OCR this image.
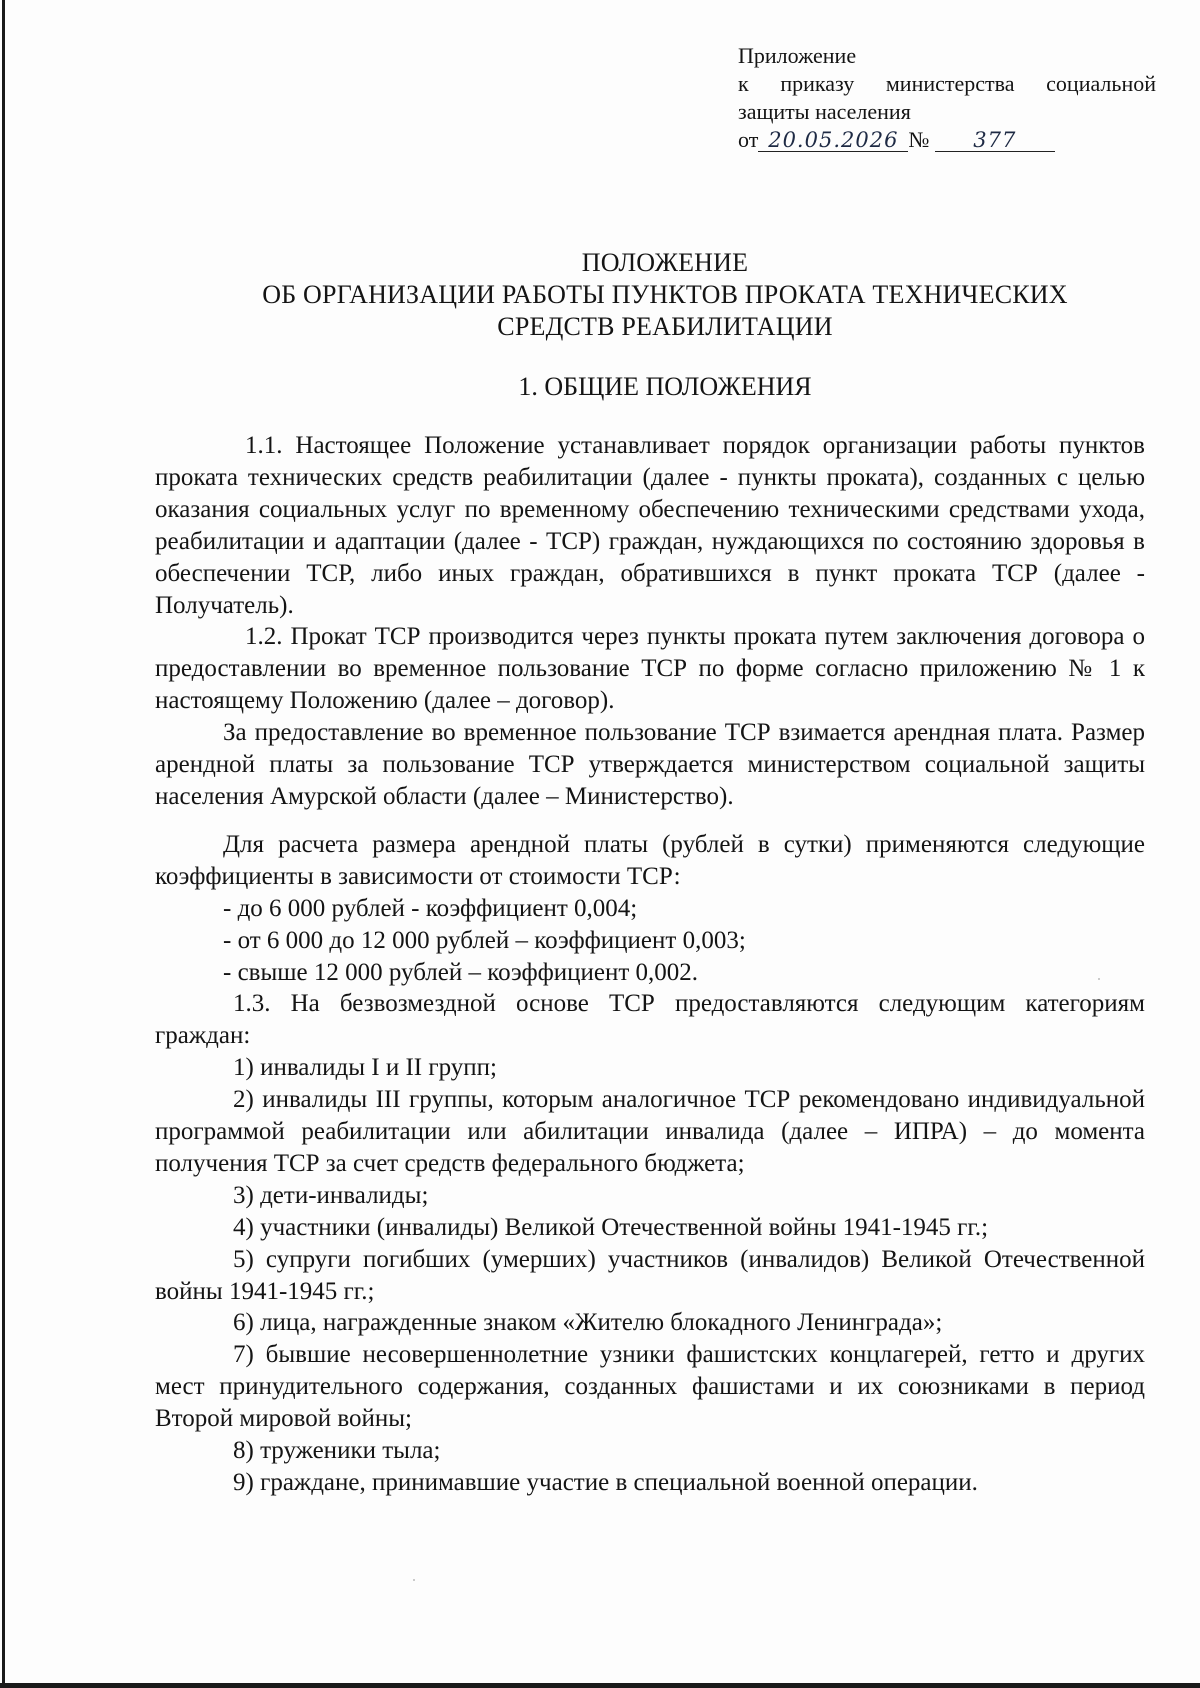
Приложение
к приказу министерства социальной
защиты населения
от 20.05.2026 № 377
ПОЛОЖЕНИЕ
ОБ ОРГАНИЗАЦИИ РАБОТЫ ПУНКТОВ ПРОКАТА ТЕХНИЧЕСКИХ
СРЕДСТВ РЕАБИЛИТАЦИИ
1. ОБЩИЕ ПОЛОЖЕНИЯ

1.1. Настоящее Положение устанавливает порядок организации работы пунктов проката технических средств реабилитации (далее - пункты проката), созданных с целью оказания социальных услуг по временному обеспечению техническими средствами ухода, реабилитации и адаптации (далее - ТСР) граждан, нуждающихся по состоянию здоровья в обеспечении ТСР, либо иных граждан, обратившихся в пункт проката ТСР (далее - Получатель).

1.2. Прокат ТСР производится через пункты проката путем заключения договора о предоставлении во временное пользование ТСР по форме согласно приложению № 1 к настоящему Положению (далее – договор).

За предоставление во временное пользование ТСР взимается арендная плата. Размер арендной платы за пользование ТСР утверждается министерством социальной защиты населения Амурской области (далее – Министерство).

Для расчета размера арендной платы (рублей в сутки) применяются следующие коэффициенты в зависимости от стоимости ТСР:

- до 6 000 рублей - коэффициент 0,004;

- от 6 000 до 12 000 рублей – коэффициент 0,003;

- свыше 12 000 рублей – коэффициент 0,002.

1.3. На безвозмездной основе ТСР предоставляются следующим категориям граждан:

1) инвалиды I и II групп;

2) инвалиды III группы, которым аналогичное ТСР рекомендовано индивидуальной программой реабилитации или абилитации инвалида (далее – ИПРА) – до момента получения ТСР за счет средств федерального бюджета;

3) дети-инвалиды;

4) участники (инвалиды) Великой Отечественной войны 1941-1945 гг.;

5) супруги погибших (умерших) участников (инвалидов) Великой Отечественной войны 1941-1945 гг.;

6) лица, награжденные знаком «Жителю блокадного Ленинграда»;

7) бывшие несовершеннолетние узники фашистских концлагерей, гетто и других мест принудительного содержания, созданных фашистами и их союзниками в период Второй мировой войны;

8) труженики тыла;

9) граждане, принимавшие участие в специальной военной операции.
